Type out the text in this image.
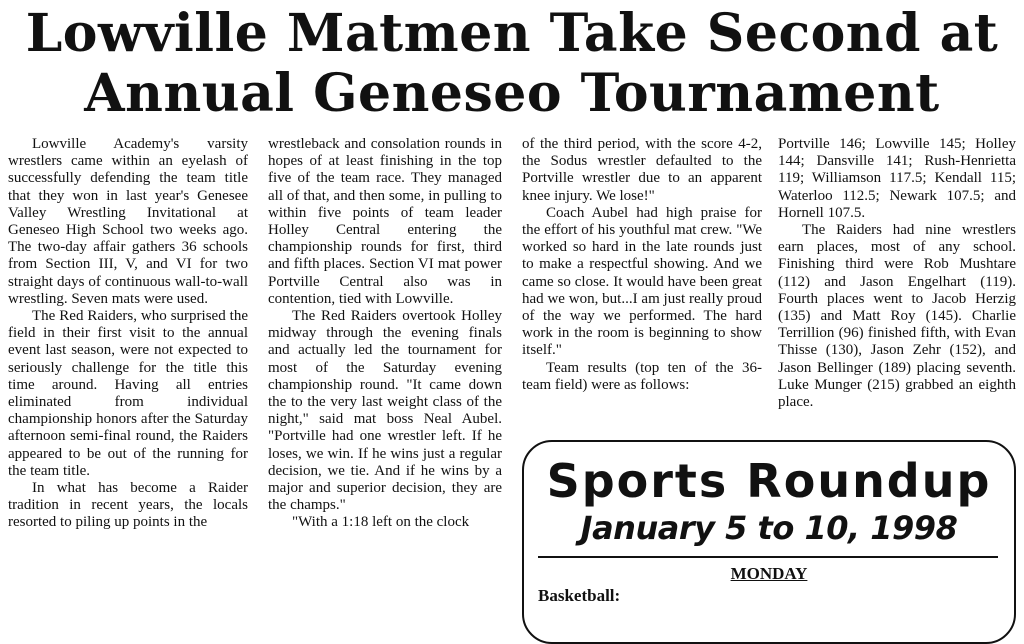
Lowville Matmen Take Second at
Annual Geneseo Tournament

Lowville Academy's varsity wrestlers came within an eyelash of successfully defending the team title that they won in last year's Genesee Valley Wrestling Invitational at Geneseo High School two weeks ago. The two-day affair gathers 36 schools from Section III, V, and VI for two straight days of continuous wall-to-wall wrestling. Seven mats were used.

The Red Raiders, who surprised the field in their first visit to the annual event last season, were not expected to seriously challenge for the title this time around. Having all entries eliminated from individual championship honors after the Saturday afternoon semi-final round, the Raiders appeared to be out of the running for the team title.

In what has become a Raider tradition in recent years, the locals resorted to piling up points in the

wrestleback and consolation rounds in hopes of at least finishing in the top five of the team race. They managed all of that, and then some, in pulling to within five points of team leader Holley Central entering the championship rounds for first, third and fifth places. Section VI mat power Portville Central also was in contention, tied with Lowville.

The Red Raiders overtook Holley midway through the evening finals and actually led the tournament for most of the Saturday evening championship round. "It came down the to the very last weight class of the night," said mat boss Neal Aubel. "Portville had one wrestler left. If he loses, we win. If he wins just a regular decision, we tie. And if he wins by a major and superior decision, they are the champs."

"With a 1:18 left on the clock

of the third period, with the score 4-2, the Sodus wrestler defaulted to the Portville wrestler due to an apparent knee injury. We lose!"

Coach Aubel had high praise for the effort of his youthful mat crew. "We worked so hard in the late rounds just to make a respectful showing. And we came so close. It would have been great had we won, but...I am just really proud of the way we performed. The hard work in the room is beginning to show itself."

Team results (top ten of the 36-team field) were as follows:

Portville 146; Lowville 145; Holley 144; Dansville 141; Rush-Henrietta 119; Williamson 117.5; Kendall 115; Waterloo 112.5; Newark 107.5; and Hornell 107.5.

The Raiders had nine wrestlers earn places, most of any school. Finishing third were Rob Mushtare (112) and Jason Engelhart (119). Fourth places went to Jacob Herzig (135) and Matt Roy (145). Charlie Terrillion (96) finished fifth, with Evan Thisse (130), Jason Zehr (152), and Jason Bellinger (189) placing seventh. Luke Munger (215) grabbed an eighth place.

Sports Roundup
January 5 to 10, 1998
MONDAY
Basketball:
